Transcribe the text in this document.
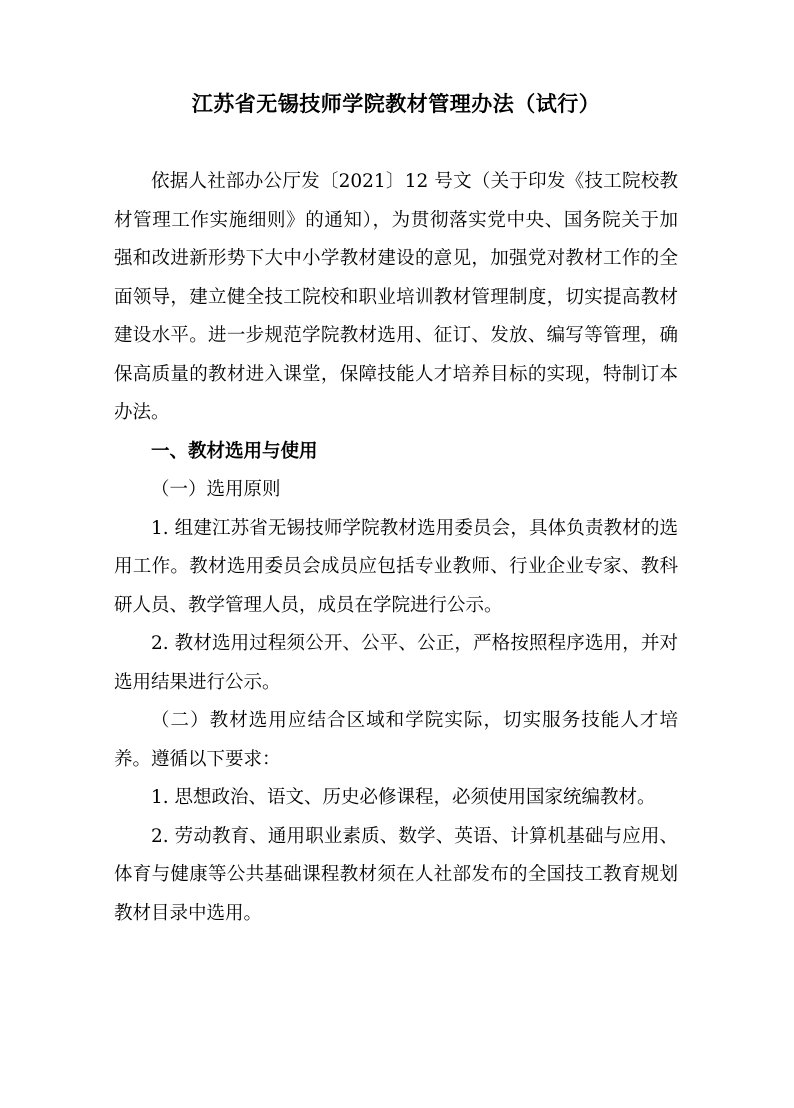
江苏省无锡技师学院教材管理办法（试行）

依据人社部办公厅发〔2021〕12 号文（关于印发《技工院校教材管理工作实施细则》的通知），为贯彻落实党中央、国务院关于加强和改进新形势下大中小学教材建设的意见，加强党对教材工作的全面领导，建立健全技工院校和职业培训教材管理制度，切实提高教材建设水平。进一步规范学院教材选用、征订、发放、编写等管理，确保高质量的教材进入课堂，保障技能人才培养目标的实现，特制订本办法。

一、教材选用与使用

（一）选用原则

1. 组建江苏省无锡技师学院教材选用委员会，具体负责教材的选用工作。教材选用委员会成员应包括专业教师、行业企业专家、教科研人员、教学管理人员，成员在学院进行公示。

2. 教材选用过程须公开、公平、公正，严格按照程序选用，并对选用结果进行公示。

（二）教材选用应结合区域和学院实际，切实服务技能人才培养。遵循以下要求：

1. 思想政治、语文、历史必修课程，必须使用国家统编教材。

2. 劳动教育、通用职业素质、数学、英语、计算机基础与应用、体育与健康等公共基础课程教材须在人社部发布的全国技工教育规划教材目录中选用。
